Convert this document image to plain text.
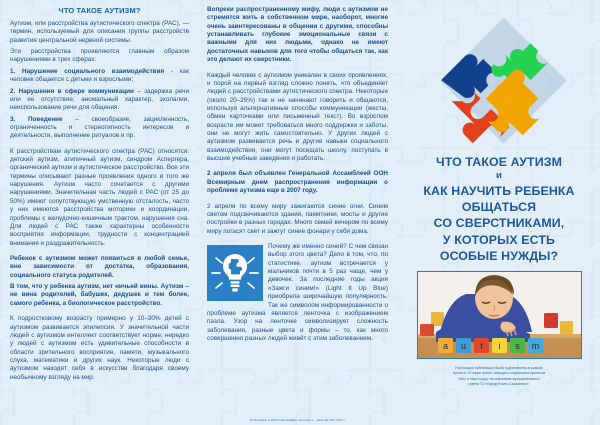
ЧТО ТАКОЕ АУТИЗМ?

Аутизм, или расстройства аутистического спектра (РАС), — термин, используемый для описания группы расстройств развития центральной нервной системы.

Эти расстройства проявляются главным образом нарушениями в трех сферах:

1. Нарушение социального взаимодействия - как человек общается с детьми и взрослыми;

2. Нарушения в сфере коммуникации – задержка речи или ее отсутствие, аномальный характер, эхолалии, неиспользование речи для общения.

3. Поведение – своеобразие, зацикленность, ограниченность и стереотипность интересов и деятельности, выполнение ритуалов и пр.

К расстройствам аутистического спектра (РАС) относятся: детский аутизм, атипичный аутизм, синдром Аспергера, органический аутизм и аутистическое расстройство. Все эти термины описывают разные проявления одного и того же нарушения. Аутизм часто сочетается с другими нарушениями. Значительная часть людей с РАС (от 25 до 50%) имеют сопутствующую умственную отсталость, часто у них имеются расстройства моторики и координации, проблемы с желудочно-кишечным трактом, нарушения сна. Для людей с РАС также характерны особенности восприятия информации, трудности с концентрацией внимания и раздражительность.

Ребенок с аутизмом может появиться в любой семье, вне зависимости от достатка, образования, социального статуса родителей.

В том, что у ребенка аутизм, нет ничьей вины. Аутизм – не вина родителей, бабушек, дедушек и тем более, самого ребенка, а биологическое расстройство.

К подростковому возрасту примерно у 10–30% детей с аутизмом развивается эпилепсия. У значительной части людей с аутизмом интеллект соответствует норме, нередко у людей с аутизмом есть удивительные способности в области зрительного восприятия, памяти, музыкального слуха, математики и других наук. Некоторые люди с аутизмом находят себя в искусстве благодаря своему необычному взгляду на мир.

Вопреки распространенному мифу, люди с аутизмом не стремятся жить в собственном мире, наоборот, многие очень заинтересованы в общении с другими, способны устанавливать глубокие эмоциональные связи с важными для них людьми, однако не имеют достаточных навыков для того чтобы общаться так, как это делают их сверстники.

Каждый человек с аутизмом уникален в своих проявлениях, и порой на первый взгляд сложно понять, что объединяет людей с расстройствами аутистического спектра. Некоторые (около 20–25%) так и не начинают говорить и общаются, используя альтернативные способы коммуникации (жесты, обмен карточками или письменный текст). Во взрослом возрасте им может требоваться много поддержки и заботы, они не могут жить самостоятельно. У других людей с аутизмом развивается речь и другие навыки социального взаимодействия, они могут посещать школу, поступать в высшие учебные заведения и работать.

2 апреля был объявлен Генеральной Ассамблеей ООН Всемирным днем распространения информации о проблеме аутизма еще в 2007 году.

2 апреля по всему миру зажигаются синие огни. Синим светом подсвечиваются здания, памятники, мосты и другие постройки в разных городах. Много семей вечером по всему миру погасят свет и зажгут синие фонари у себя дома.

Почему же именно синий? С чем связан выбор этого цвета? Дело в том, что, по статистике, аутизм встречается у мальчиков почти в 5 раз чаще, чем у девочек. За последние годы акция «Зажги синим!» (Light It Up Blue) приобрела широчайшую популярность. Так же символом информированности о проблеме аутизма является ленточка с изображением пазла. Узор на ленточке символизирует сложность заболевания, разные цвета и формы – то, как много совершенно разных людей живёт с этим заболеванием.

Отпечатано в ООО Типография «Колорит» , заказ № 155, 2017 г.
ЧТО ТАКОЕ АУТИЗМ
и
КАК НАУЧИТЬ РЕБЕНКА
ОБЩАТЬСЯ
СО СВЕРСТНИКАМИ,
У КОТОРЫХ ЕСТЬ
ОСОБЫЕ НУЖДЫ?
a u t i s m
Настоящая публикация была подготовлена в рамках
проекта «Стирая грани» конкурса социальных проектов
«Мы и наш город» на соискание муниципального
гранта ГО «Город Южно-Сахалинск».
